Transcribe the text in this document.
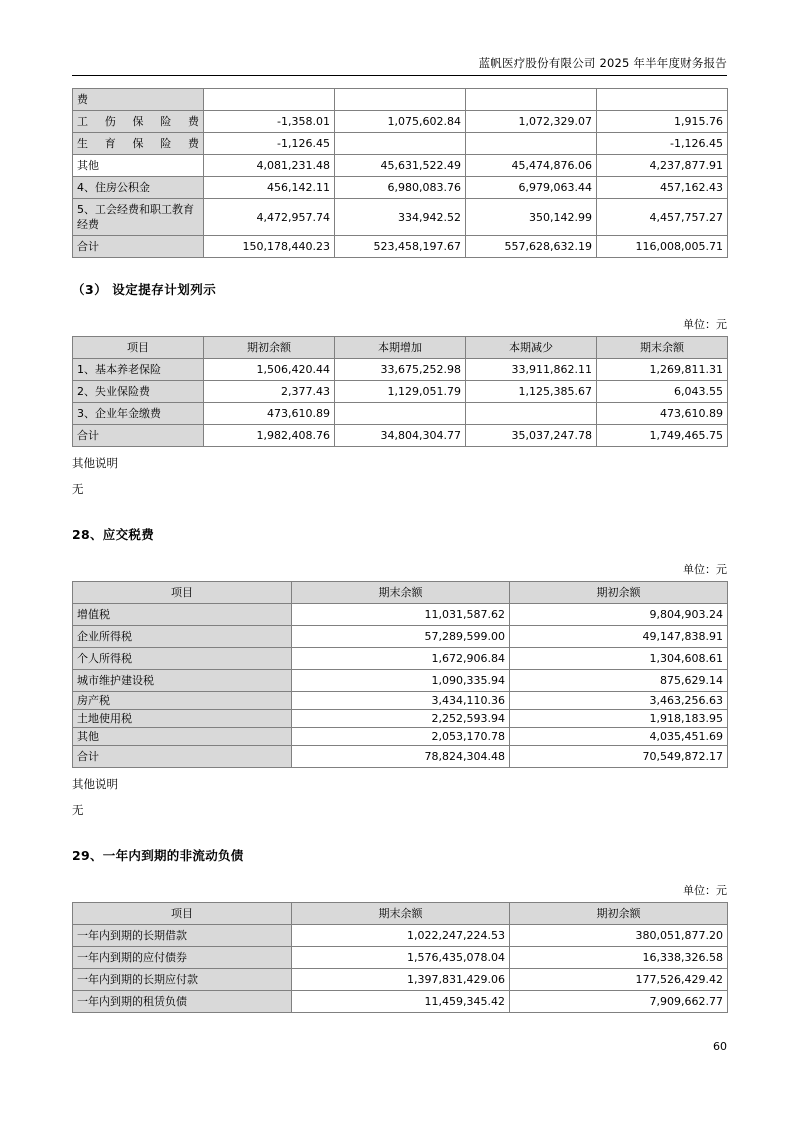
蓝帆医疗股份有限公司 2025 年半年度财务报告
费				
工伤保险费	-1,358.01	1,075,602.84	1,072,329.07	1,915.76
生育保险费	-1,126.45			-1,126.45
其他	4,081,231.48	45,631,522.49	45,474,876.06	4,237,877.91
4、住房公积金	456,142.11	6,980,083.76	6,979,063.44	457,162.43
5、工会经费和职工教育经费	4,472,957.74	334,942.52	350,142.99	4,457,757.27
合计	150,178,440.23	523,458,197.67	557,628,632.19	116,008,005.71
（3） 设定提存计划列示
单位：元
项目	期初余额	本期增加	本期减少	期末余额
1、基本养老保险	1,506,420.44	33,675,252.98	33,911,862.11	1,269,811.31
2、失业保险费	2,377.43	1,129,051.79	1,125,385.67	6,043.55
3、企业年金缴费	473,610.89			473,610.89
合计	1,982,408.76	34,804,304.77	35,037,247.78	1,749,465.75
其他说明
无
28、应交税费
单位：元
项目	期末余额	期初余额
增值税	11,031,587.62	9,804,903.24
企业所得税	57,289,599.00	49,147,838.91
个人所得税	1,672,906.84	1,304,608.61
城市维护建设税	1,090,335.94	875,629.14
房产税	3,434,110.36	3,463,256.63
土地使用税	2,252,593.94	1,918,183.95
其他	2,053,170.78	4,035,451.69
合计	78,824,304.48	70,549,872.17
其他说明
无
29、一年内到期的非流动负债
单位：元
项目	期末余额	期初余额
一年内到期的长期借款	1,022,247,224.53	380,051,877.20
一年内到期的应付债券	1,576,435,078.04	16,338,326.58
一年内到期的长期应付款	1,397,831,429.06	177,526,429.42
一年内到期的租赁负债	11,459,345.42	7,909,662.77
60
